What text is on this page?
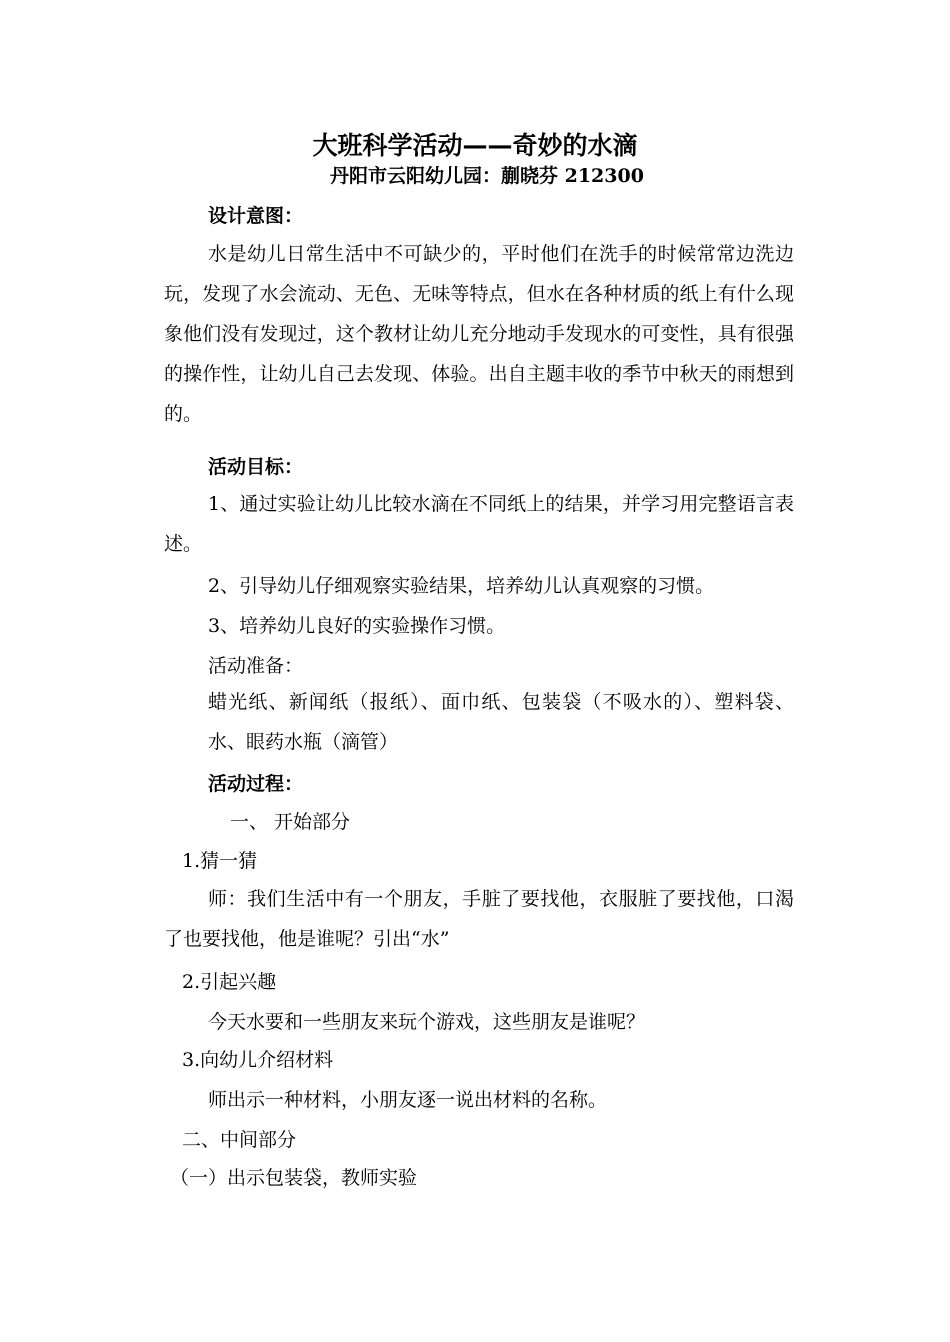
大班科学活动——奇妙的水滴
丹阳市云阳幼儿园：蒯晓芬 212300
设计意图：
水是幼儿日常生活中不可缺少的，平时他们在洗手的时候常常边洗边玩，发现了水会流动、无色、无味等特点，但水在各种材质的纸上有什么现象他们没有发现过，这个教材让幼儿充分地动手发现水的可变性，具有很强的操作性，让幼儿自己去发现、体验。出自主题丰收的季节中秋天的雨想到的。
活动目标：
1、通过实验让幼儿比较水滴在不同纸上的结果，并学习用完整语言表述。
2、引导幼儿仔细观察实验结果，培养幼儿认真观察的习惯。
3、培养幼儿良好的实验操作习惯。
活动准备：
蜡光纸、新闻纸（报纸）、面巾纸、包装袋（不吸水的）、塑料袋、水、眼药水瓶（滴管）
活动过程：
一、 开始部分
1.猜一猜
师：我们生活中有一个朋友，手脏了要找他，衣服脏了要找他，口渴了也要找他，他是谁呢？引出“水”
2.引起兴趣
今天水要和一些朋友来玩个游戏，这些朋友是谁呢？
3.向幼儿介绍材料
师出示一种材料，小朋友逐一说出材料的名称。
二、中间部分
（一）出示包装袋，教师实验
